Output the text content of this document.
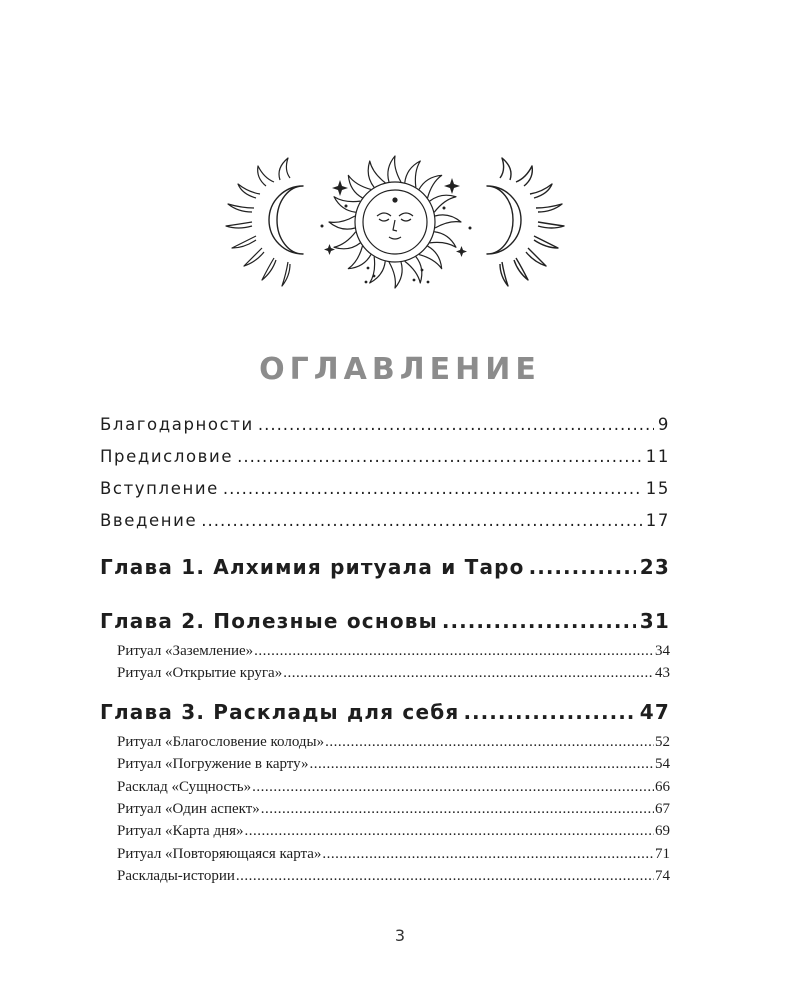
ОГЛАВЛЕНИЕ
Благодарности .....	9
Предисловие .....	11
Вступление .....	15
Введение .....	17
Глава 1. Алхимия ритуала и Таро .....	23
Глава 2. Полезные основы .....	31
Ритуал «Заземление» .....	34
Ритуал «Открытие круга» .....	43
Глава 3. Расклады для себя .....	47
Ритуал «Благословение колоды» .....	52
Ритуал «Погружение в карту» .....	54
Расклад «Сущность» .....	66
Ритуал «Один аспект» .....	67
Ритуал «Карта дня» .....	69
Ритуал «Повторяющаяся карта» .....	71
Расклады-истории .....	74
3
